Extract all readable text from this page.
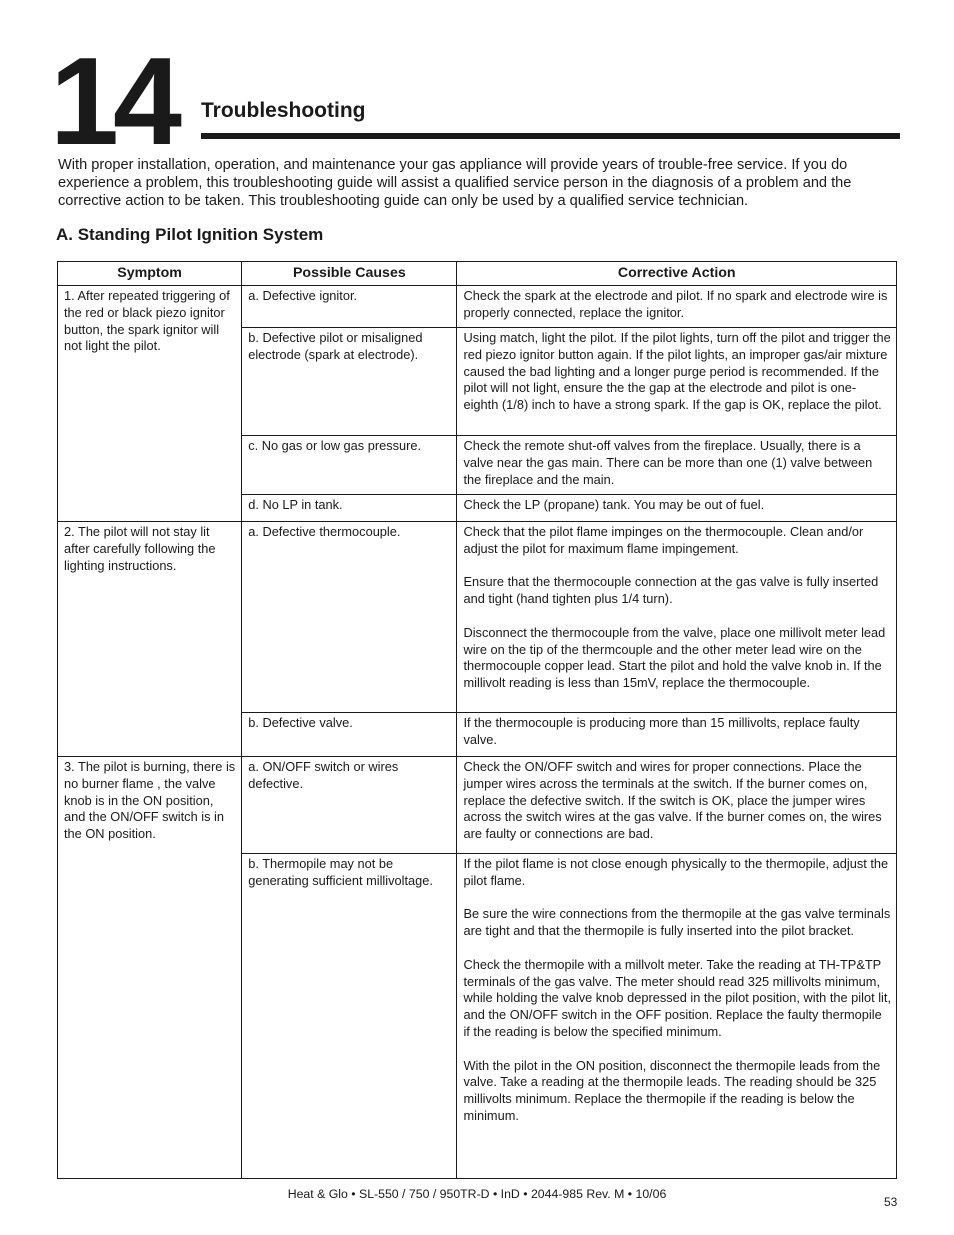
14 Troubleshooting
With proper installation, operation, and maintenance your gas appliance will provide years of trouble-free service. If you do experience a problem, this troubleshooting guide will assist a qualified service person in the diagnosis of a problem and the corrective action to be taken. This troubleshooting guide can only be used by a qualified service technician.
A. Standing Pilot Ignition System
Symptom	Possible Causes	Corrective Action
1. After repeated triggering of the red or black piezo ignitor button, the spark ignitor will not light the pilot.	a. Defective ignitor.	Check the spark at the electrode and pilot. If no spark and electrode wire is properly connected, replace the ignitor.
	b. Defective pilot or misaligned electrode (spark at electrode).	Using match, light the pilot. If the pilot lights, turn off the pilot and trigger the red piezo ignitor button again. If the pilot lights, an improper gas/air mixture caused the bad lighting and a longer purge period is recommended. If the pilot will not light, ensure the the gap at the electrode and pilot is one-eighth (1/8) inch to have a strong spark. If the gap is OK, replace the pilot.
	c. No gas or low gas pressure.	Check the remote shut-off valves from the fireplace. Usually, there is a valve near the gas main. There can be more than one (1) valve between the fireplace and the main.
	d. No LP in tank.	Check the LP (propane) tank. You may be out of fuel.
2. The pilot will not stay lit after carefully following the lighting instructions.	a. Defective thermocouple.	Check that the pilot flame impinges on the thermocouple. Clean and/or adjust the pilot for maximum flame impingement.

Ensure that the thermocouple connection at the gas valve is fully inserted and tight (hand tighten plus 1/4 turn).

Disconnect the thermocouple from the valve, place one millivolt meter lead wire on the tip of the thermcouple and the other meter lead wire on the thermocouple copper lead. Start the pilot and hold the valve knob in. If the millivolt reading is less than 15mV, replace the thermocouple.

	b. Defective valve.	If the thermocouple is producing more than 15 millivolts, replace faulty valve.
3. The pilot is burning, there is no burner flame , the valve knob is in the ON position, and the ON/OFF switch is in the ON position.	a. ON/OFF switch or wires defective.	Check the ON/OFF switch and wires for proper connections. Place the jumper wires across the terminals at the switch. If the burner comes on, replace the defective switch. If the switch is OK, place the jumper wires across the switch wires at the gas valve. If the burner comes on, the wires are faulty or connections are bad.
	b. Thermopile may not be generating sufficient millivoltage.	If the pilot flame is not close enough physically to the thermopile, adjust the pilot flame.

Be sure the wire connections from the thermopile at the gas valve terminals are tight and that the thermopile is fully inserted into the pilot bracket.

Check the thermopile with a millvolt meter. Take the reading at TH-TP&TP terminals of the gas valve. The meter should read 325 millivolts minimum, while holding the valve knob depressed in the pilot position, with the pilot lit, and the ON/OFF switch in the OFF position. Replace the faulty thermopile if the reading is below the specified minimum.

With the pilot in the ON position, disconnect the thermopile leads from the valve. Take a reading at the thermopile leads. The reading should be 325 millivolts minimum. Replace the thermopile if the reading is below the minimum.

Heat & Glo • SL-550 / 750 / 950TR-D • InD • 2044-985 Rev. M • 10/06
53
